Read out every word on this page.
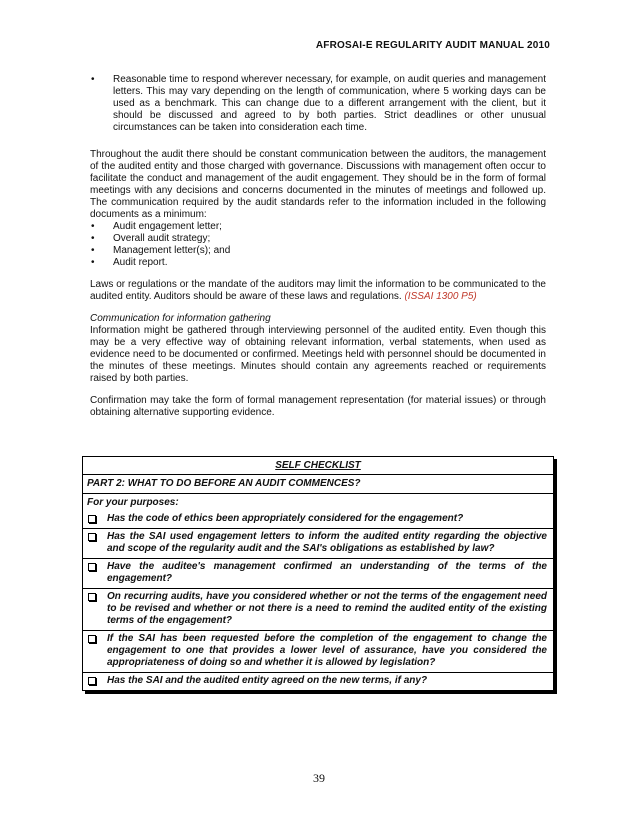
AFROSAI-E REGULARITY AUDIT MANUAL 2010
• Reasonable time to respond wherever necessary, for example, on audit queries and management letters. This may vary depending on the length of communication, where 5 working days can be used as a benchmark. This can change due to a different arrangement with the client, but it should be discussed and agreed to by both parties. Strict deadlines or other unusual circumstances can be taken into consideration each time.

Throughout the audit there should be constant communication between the auditors, the management of the audited entity and those charged with governance. Discussions with management often occur to facilitate the conduct and management of the audit engagement. They should be in the form of formal meetings with any decisions and concerns documented in the minutes of meetings and followed up. The communication required by the audit standards refer to the information included in the following documents as a minimum:

• Audit engagement letter;
• Overall audit strategy;
• Management letter(s); and
• Audit report.

Laws or regulations or the mandate of the auditors may limit the information to be communicated to the audited entity. Auditors should be aware of these laws and regulations. (ISSAI 1300 P5)

Communication for information gathering

Information might be gathered through interviewing personnel of the audited entity. Even though this may be a very effective way of obtaining relevant information, verbal statements, when used as evidence need to be documented or confirmed. Meetings held with personnel should be documented in the minutes of these meetings. Minutes should contain any agreements reached or requirements raised by both parties.

Confirmation may take the form of formal management representation (for material issues) or through obtaining alternative supporting evidence.

SELF CHECKLIST
PART 2: WHAT TO DO BEFORE AN AUDIT COMMENCES?
For your purposes:
Has the code of ethics been appropriately considered for the engagement?
Has the SAI used engagement letters to inform the audited entity regarding the objective and scope of the regularity audit and the SAI's obligations as established by law?
Have the auditee's management confirmed an understanding of the terms of the engagement?
On recurring audits, have you considered whether or not the terms of the engagement need to be revised and whether or not there is a need to remind the audited entity of the existing terms of the engagement?
If the SAI has been requested before the completion of the engagement to change the engagement to one that provides a lower level of assurance, have you considered the appropriateness of doing so and whether it is allowed by legislation?
Has the SAI and the audited entity agreed on the new terms, if any?
39
